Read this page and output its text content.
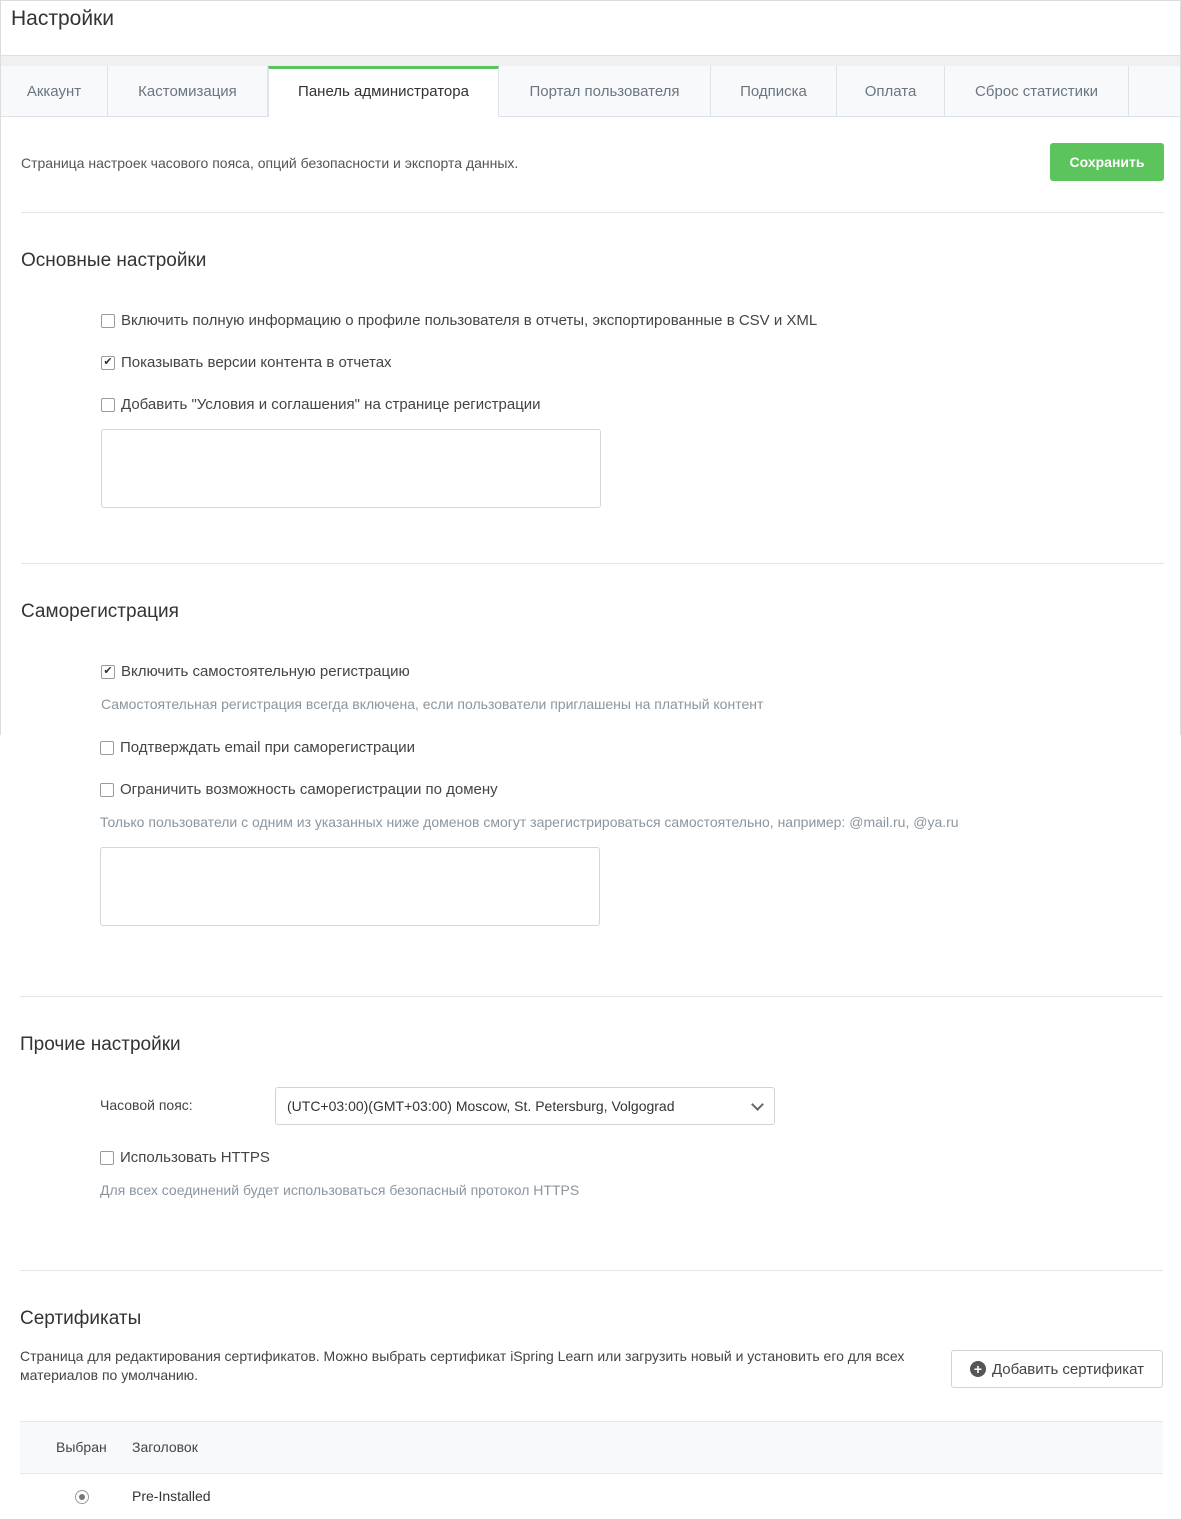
Настройки
Аккаунт	Кастомизация	Панель администратора	Портал пользователя	Подписка	Оплата	Сброс статистики
Страница настроек часового пояса, опций безопасности и экспорта данных.	Сохранить
Основные настройки
Включить полную информацию о профиле пользователя в отчеты, экспортированные в CSV и XML
✔ Показывать версии контента в отчетах
Добавить "Условия и соглашения" на странице регистрации
Саморегистрация
✔ Включить самостоятельную регистрацию
Самостоятельная регистрация всегда включена, если пользователи приглашены на платный контент
Подтверждать email при саморегистрации
Ограничить возможность саморегистрации по домену
Только пользователи с одним из указанных ниже доменов смогут зарегистрироваться самостоятельно, например: @mail.ru, @ya.ru
Прочие настройки
Часовой пояс:	(UTC+03:00)(GMT+03:00) Moscow, St. Petersburg, Volgograd
Использовать HTTPS
Для всех соединений будет использоваться безопасный протокол HTTPS
Сертификаты
Страница для редактирования сертификатов. Можно выбрать сертификат iSpring Learn или загрузить новый и установить его для всех материалов по умолчанию.	+ Добавить сертификат
Выбран Заголовок
Pre-Installed
